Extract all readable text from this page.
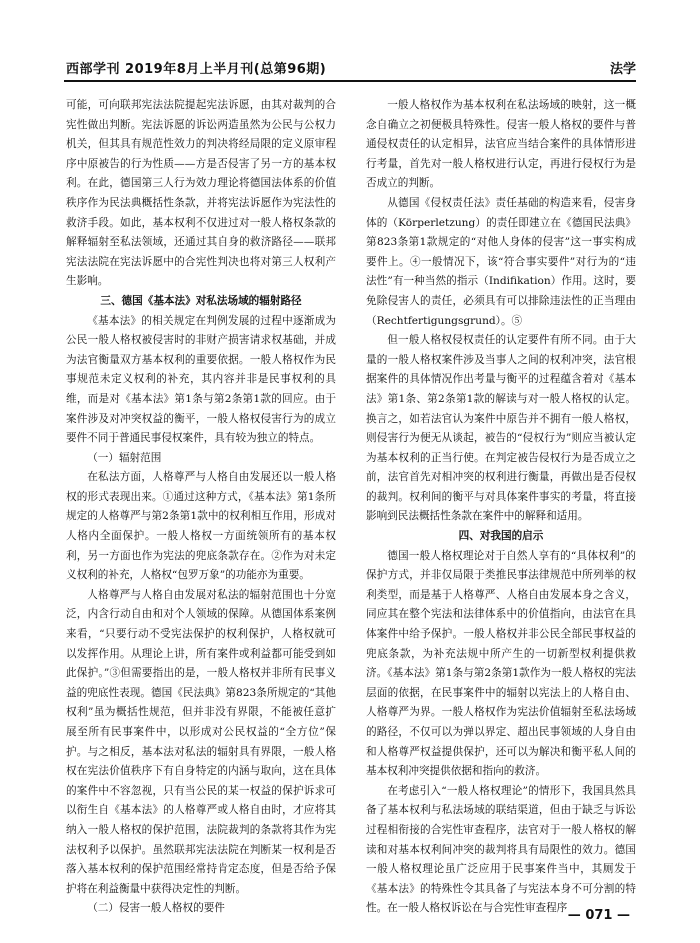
西部学刊 2019年8月上半月刊(总第96期)	法学

可能，可向联邦宪法法院提起宪法诉愿，由其对裁判的合宪性做出判断。宪法诉愿的诉讼两造虽然为公民与公权力机关，但其具有规范性效力的判决将经局限的定义原审程序中原被告的行为性质——方是否侵害了另一方的基本权利。在此，德国第三人行为效力理论将德国法体系的价值秩序作为民法典概括性条款，并将宪法诉愿作为宪法性的救济手段。如此，基本权利不仅进过对一般人格权条款的解释辐射至私法领域，还通过其自身的救济路径——联邦宪法法院在宪法诉愿中的合宪性判决也将对第三人权利产生影响。

三、德国《基本法》对私法场域的辐射路径

《基本法》的相关规定在判例发展的过程中逐渐成为公民一般人格权被侵害时的非财产损害请求权基础，并成为法官衡量双方基本权利的重要依据。一般人格权作为民事规范未定义权利的补充，其内容并非是民事权利的具维，而是对《基本法》第1条与第2条第1款的回应。由于案件涉及对冲突权益的衡平，一般人格权侵害行为的成立要件不同于普通民事侵权案件，具有较为独立的特点。

（一）辐射范围

在私法方面，人格尊严与人格自由发展还以一般人格权的形式表现出来。①通过这种方式，《基本法》第1条所规定的人格尊严与第2条第1款中的权利相互作用，形成对人格内全面保护。一般人格权一方面统领所有的基本权利，另一方面也作为宪法的兜底条款存在。②作为对未定义权利的补充，人格权“包罗万象”的功能亦为重要。

人格尊严与人格自由发展对私法的辐射范围也十分宽泛，内含行动自由和对个人领域的保障。从德国体系案例来看，“只要行动不受宪法保护的权利保护，人格权就可以发挥作用。从理论上讲，所有案件或利益都可能受到如此保护。”③但需要指出的是，一般人格权并非所有民事义益的兜底性表现。德国《民法典》第823条所规定的“其他权利”虽为概括性规范，但并非没有界限，不能被任意扩展至所有民事案件中，以形成对公民权益的“全方位”保护。与之相反，基本法对私法的辐射具有界限，一般人格权在宪法价值秩序下有自身特定的内涵与取向，这在具体的案件中不容忽视，只有当公民的某一权益的保护诉求可以衔生自《基本法》的人格尊严或人格自由时，才应将其纳入一般人格权的保护范围，法院裁判的条款将其作为宪法权利予以保护。虽然联邦宪法法院在判断某一权利是否落入基本权利的保护范围经常持肯定态度，但是否给予保护将在利益衡量中获得决定性的判断。

（二）侵害一般人格权的要件

一般人格权作为基本权利在私法场域的映射，这一概念自确立之初便极具特殊性。侵害一般人格权的要件与普通侵权责任的认定相异，法官应当结合案件的具体情形进行考量，首先对一般人格权进行认定，再进行侵权行为是否成立的判断。

从德国《侵权责任法》责任基础的构造来看，侵害身体的（Körperletzung）的责任即建立在《德国民法典》第823条第1款规定的“对他人身体的侵害”这一事实构成要件上。④一般情况下，该“符合事实要件”对行为的“违法性”有一种当然的指示（Indifikation）作用。这时，要免除侵害人的责任，必须具有可以排除违法性的正当理由（Rechtfertigungsgrund）。⑤

但一般人格权侵权责任的认定要件有所不同。由于大量的一般人格权案件涉及当事人之间的权利冲突，法官根据案件的具体情况作出考量与衡平的过程蕴含着对《基本法》第1条、第2条第1款的解读与对一般人格权的认定。换言之，如若法官认为案件中原告并不拥有一般人格权，则侵害行为便无从谈起，被告的“侵权行为”则应当被认定为基本权利的正当行使。在判定被告侵权行为是否成立之前，法官首先对相冲突的权利进行衡量，再做出是否侵权的裁判。权利间的衡平与对具体案件事实的考量，将直接影响到民法概括性条款在案件中的解释和适用。

四、对我国的启示

德国一般人格权理论对于自然人享有的“具体权利”的保护方式，并非仅局限于类推民事法律规范中所列举的权利类型，而是基于人格尊严、人格自由发展本身之含义，同应其在整个宪法和法律体系中的价值指向，由法官在具体案件中给予保护。一般人格权并非公民全部民事权益的兜底条款，为补充法规中所产生的一切新型权利提供救济。《基本法》第1条与第2条第1款作为一般人格权的宪法层面的依据，在民事案件中的辐射以宪法上的人格自由、人格尊严为界。一般人格权作为宪法价值辐射至私法场域的路径，不仅可以为弹以界定、超出民事领域的人身自由和人格尊严权益提供保护，还可以为解决和衡平私人间的基本权利冲突提供依据和指向的救济。

在考虑引入“一般人格权理论”的情形下，我国具然具备了基本权利与私法场域的联结渠道，但由于缺乏与诉讼过程相衔接的合宪性审查程序，法官对于一般人格权的解读和对基本权利间冲突的裁判将具有局限性的效力。德国一般人格权理论虽广泛应用于民事案件当中，其厕发于《基本法》的特殊性令其具备了与宪法本身不可分割的特性。在一般人格权诉讼在与合宪性审查程序 — 071 —
